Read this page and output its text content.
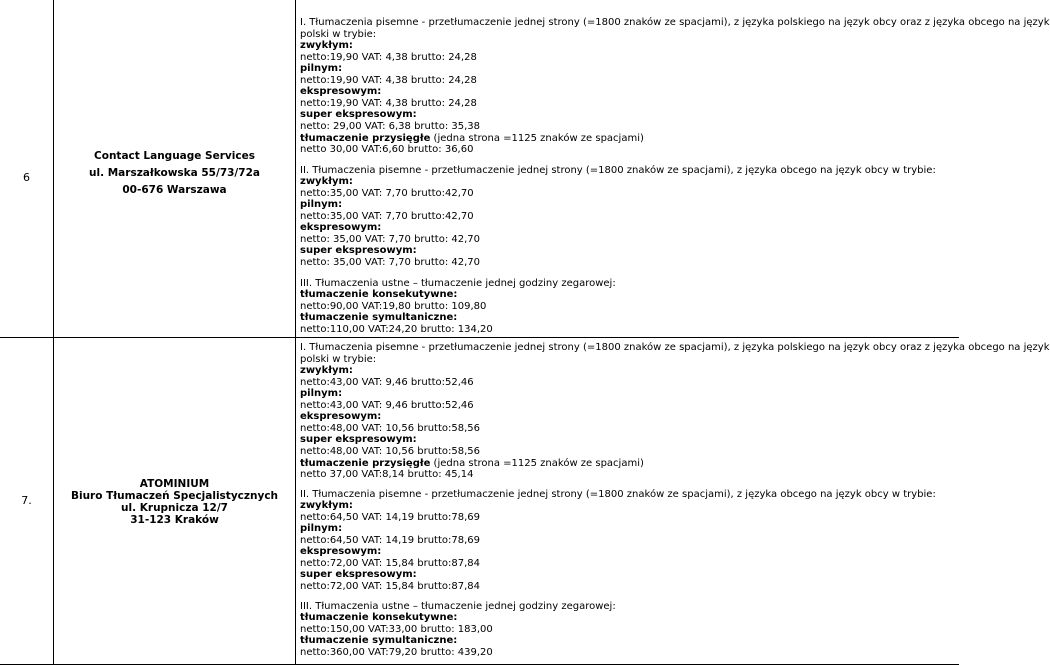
6
Contact Language Services
ul. Marszałkowska 55/73/72a
00-676 Warszawa
I. Tłumaczenia pisemne - przetłumaczenie jednej strony (=1800 znaków ze spacjami), z języka polskiego na język obcy oraz z języka obcego na język
polski w trybie:
zwykłym:
netto:19,90 VAT: 4,38 brutto: 24,28
pilnym:
netto:19,90 VAT: 4,38 brutto: 24,28
ekspresowym:
netto:19,90 VAT: 4,38 brutto: 24,28
super ekspresowym:
netto: 29,00 VAT: 6,38 brutto: 35,38
tłumaczenie przysięgłe (jedna strona =1125 znaków ze spacjami)
netto 30,00 VAT:6,60 brutto: 36,60
II. Tłumaczenia pisemne - przetłumaczenie jednej strony (=1800 znaków ze spacjami), z języka obcego na język obcy w trybie:
zwykłym:
netto:35,00 VAT: 7,70 brutto:42,70
pilnym:
netto:35,00 VAT: 7,70 brutto:42,70
ekspresowym:
netto: 35,00 VAT: 7,70 brutto: 42,70
super ekspresowym:
netto: 35,00 VAT: 7,70 brutto: 42,70
III. Tłumaczenia ustne – tłumaczenie jednej godziny zegarowej:
tłumaczenie konsekutywne:
netto:90,00 VAT:19,80 brutto: 109,80
tłumaczenie symultaniczne:
netto:110,00 VAT:24,20 brutto: 134,20
7.
ATOMINIUM
Biuro Tłumaczeń Specjalistycznych
ul. Krupnicza 12/7
31-123 Kraków
I. Tłumaczenia pisemne - przetłumaczenie jednej strony (=1800 znaków ze spacjami), z języka polskiego na język obcy oraz z języka obcego na język
polski w trybie:
zwykłym:
netto:43,00 VAT: 9,46 brutto:52,46
pilnym:
netto:43,00 VAT: 9,46 brutto:52,46
ekspresowym:
netto:48,00 VAT: 10,56 brutto:58,56
super ekspresowym:
netto:48,00 VAT: 10,56 brutto:58,56
tłumaczenie przysięgłe (jedna strona =1125 znaków ze spacjami)
netto 37,00 VAT:8,14 brutto: 45,14
II. Tłumaczenia pisemne - przetłumaczenie jednej strony (=1800 znaków ze spacjami), z języka obcego na język obcy w trybie:
zwykłym:
netto:64,50 VAT: 14,19 brutto:78,69
pilnym:
netto:64,50 VAT: 14,19 brutto:78,69
ekspresowym:
netto:72,00 VAT: 15,84 brutto:87,84
super ekspresowym:
netto:72,00 VAT: 15,84 brutto:87,84
III. Tłumaczenia ustne – tłumaczenie jednej godziny zegarowej:
tłumaczenie konsekutywne:
netto:150,00 VAT:33,00 brutto: 183,00
tłumaczenie symultaniczne:
netto:360,00 VAT:79,20 brutto: 439,20
